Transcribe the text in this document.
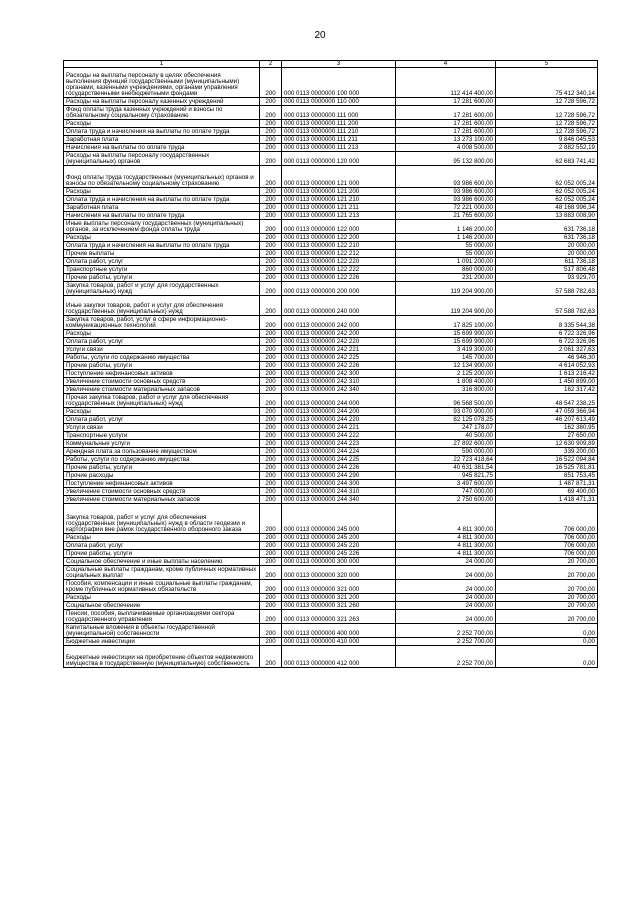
20
1	2	3	4	5
Расходы на выплаты персоналу в целях обеспечения выполнения функций государственными (муниципальными) органами, казенными учреждениями, органами управления государственными внебюджетными фондами	200	000 0113 0000000 100 000	112 414 400,00	75 412 340,14
Расходы на выплаты персоналу казенных учреждений	200	000 0113 0000000 110 000	17 281 600,00	12 728 596,72
Фонд оплаты труда казенных учреждений и взносы по обязательному социальному страхованию	200	000 0113 0000000 111 000	17 281 600,00	12 728 596,72
Расходы	200	000 0113 0000000 111 200	17 281 600,00	12 728 596,72
Оплата труда и начисления на выплаты по оплате труда	200	000 0113 0000000 111 210	17 281 600,00	12 728 596,72
Заработная плата	200	000 0113 0000000 111 211	13 273 100,00	9 846 045,53
Начисления на выплаты по оплате труда	200	000 0113 0000000 111 213	4 008 500,00	2 882 552,19
Расходы на выплаты персоналу государственных (муниципальных) органов	200	000 0113 0000000 120 000	95 132 800,00	62 683 741,42
Фонд оплаты труда государственных (муниципальных) органов и взносы по обязательному социальному страхованию	200	000 0113 0000000 121 000	93 986 600,00	62 052 005,24
Расходы	200	000 0113 0000000 121 200	93 986 600,00	62 052 005,24
Оплата труда и начисления на выплаты по оплате труда	200	000 0113 0000000 121 210	93 986 600,00	62 052 005,24
Заработная плата	200	000 0113 0000000 121 211	72 221 000,00	48 168 996,34
Начисления на выплаты по оплате труда	200	000 0113 0000000 121 213	21 765 600,00	13 883 008,90
Иные выплаты персоналу государственных (муниципальных) органов, за исключением фонда оплаты труда	200	000 0113 0000000 122 000	1 146 200,00	631 736,18
Расходы	200	000 0113 0000000 122 200	1 146 200,00	631 736,18
Оплата труда и начисления на выплаты по оплате труда	200	000 0113 0000000 122 210	55 000,00	20 000,00
Прочие выплаты	200	000 0113 0000000 122 212	55 000,00	20 000,00
Оплата работ, услуг	200	000 0113 0000000 122 220	1 091 200,00	611 736,18
Транспортные услуги	200	000 0113 0000000 122 222	860 000,00	517 806,48
Прочие работы, услуги	200	000 0113 0000000 122 226	231 200,00	93 929,70
Закупка товаров, работ и услуг для государственных (муниципальных) нужд	200	000 0113 0000000 200 000	119 204 900,00	57 588 782,63
Иные закупки товаров, работ и услуг для обеспечения государственных (муниципальных) нужд	200	000 0113 0000000 240 000	119 204 900,00	57 588 782,63
Закупка товаров, работ, услуг в сфере информационно-коммуникационных технологий	200	000 0113 0000000 242 000	17 825 100,00	8 335 544,38
Расходы	200	000 0113 0000000 242 200	15 699 900,00	6 722 326,96
Оплата работ, услуг	200	000 0113 0000000 242 220	15 699 900,00	6 722 326,96
Услуги связи	200	000 0113 0000000 242 221	3 419 300,00	2 061 327,63
Работы, услуги по содержанию имущества	200	000 0113 0000000 242 225	145 700,00	46 946,30
Прочие работы, услуги	200	000 0113 0000000 242 226	12 134 900,00	4 614 052,93
Поступление нефинансовых активов	200	000 0113 0000000 242 300	2 125 200,00	1 613 216,42
Увеличение стоимости основных средств	200	000 0113 0000000 242 310	1 808 400,00	1 450 899,00
Увеличение стоимости материальных запасов	200	000 0113 0000000 242 340	316 800,00	162 317,42
Прочая закупка товаров, работ и услуг для обеспечения государственных (муниципальных) нужд	200	000 0113 0000000 244 000	96 568 500,00	48 547 238,25
Расходы	200	000 0113 0000000 244 200	93 070 900,00	47 059 366,94
Оплата работ, услуг	200	000 0113 0000000 244 220	82 125 078,25	46 207 613,49
Услуги связи	200	000 0113 0000000 244 221	247 178,07	162 380,95
Транспортные услуги	200	000 0113 0000000 244 222	40 500,00	27 650,00
Коммунальные услуги	200	000 0113 0000000 244 223	27 892 600,00	12 630 909,89
Арендная плата за пользование имуществом	200	000 0113 0000000 244 224	590 000,00	339 200,00
Работы, услуги по содержанию имущества	200	000 0113 0000000 244 225	22 723 418,64	16 522 094,84
Прочие работы, услуги	200	000 0113 0000000 244 226	40 631 381,54	16 525 781,81
Прочие расходы	200	000 0113 0000000 244 290	945 821,75	851 753,45
Поступление нефинансовых активов	200	000 0113 0000000 244 300	3 497 600,00	1 487 871,31
Увеличение стоимости основных средств	200	000 0113 0000000 244 310	747 000,00	69 400,00
Увеличение стоимости материальных запасов	200	000 0113 0000000 244 340	2 750 600,00	1 418 471,31
Закупка товаров, работ и услуг для обеспечения государственных (муниципальных) нужд в области геодезии и картографии вне рамок государственного оборонного заказа	200	000 0113 0000000 245 000	4 811 300,00	706 000,00
Расходы	200	000 0113 0000000 245 200	4 811 300,00	706 000,00
Оплата работ, услуг	200	000 0113 0000000 245 220	4 811 300,00	706 000,00
Прочие работы, услуги	200	000 0113 0000000 245 226	4 811 300,00	706 000,00
Социальное обеспечение и иные выплаты населению	200	000 0113 0000000 300 000	24 000,00	20 700,00
Социальные выплаты гражданам, кроме публичных нормативных социальных выплат	200	000 0113 0000000 320 000	24 000,00	20 700,00
Пособия, компенсации и иные социальные выплаты гражданам, кроме публичных нормативных обязательств	200	000 0113 0000000 321 000	24 000,00	20 700,00
Расходы	200	000 0113 0000000 321 200	24 000,00	20 700,00
Социальное обеспечение	200	000 0113 0000000 321 260	24 000,00	20 700,00
Пенсии, пособия, выплачиваемые организациями сектора государственного управления	200	000 0113 0000000 321 263	24 000,00	20 700,00
Капитальные вложения в объекты государственной (муниципальной) собственности	200	000 0113 0000000 400 000	2 252 700,00	0,00
Бюджетные инвестиции	200	000 0113 0000000 410 000	2 252 700,00	0,00
Бюджетные инвестиции на приобретение объектов недвижимого имущества в государственную (муниципальную) собственность	200	000 0113 0000000 412 000	2 252 700,00	0,00
